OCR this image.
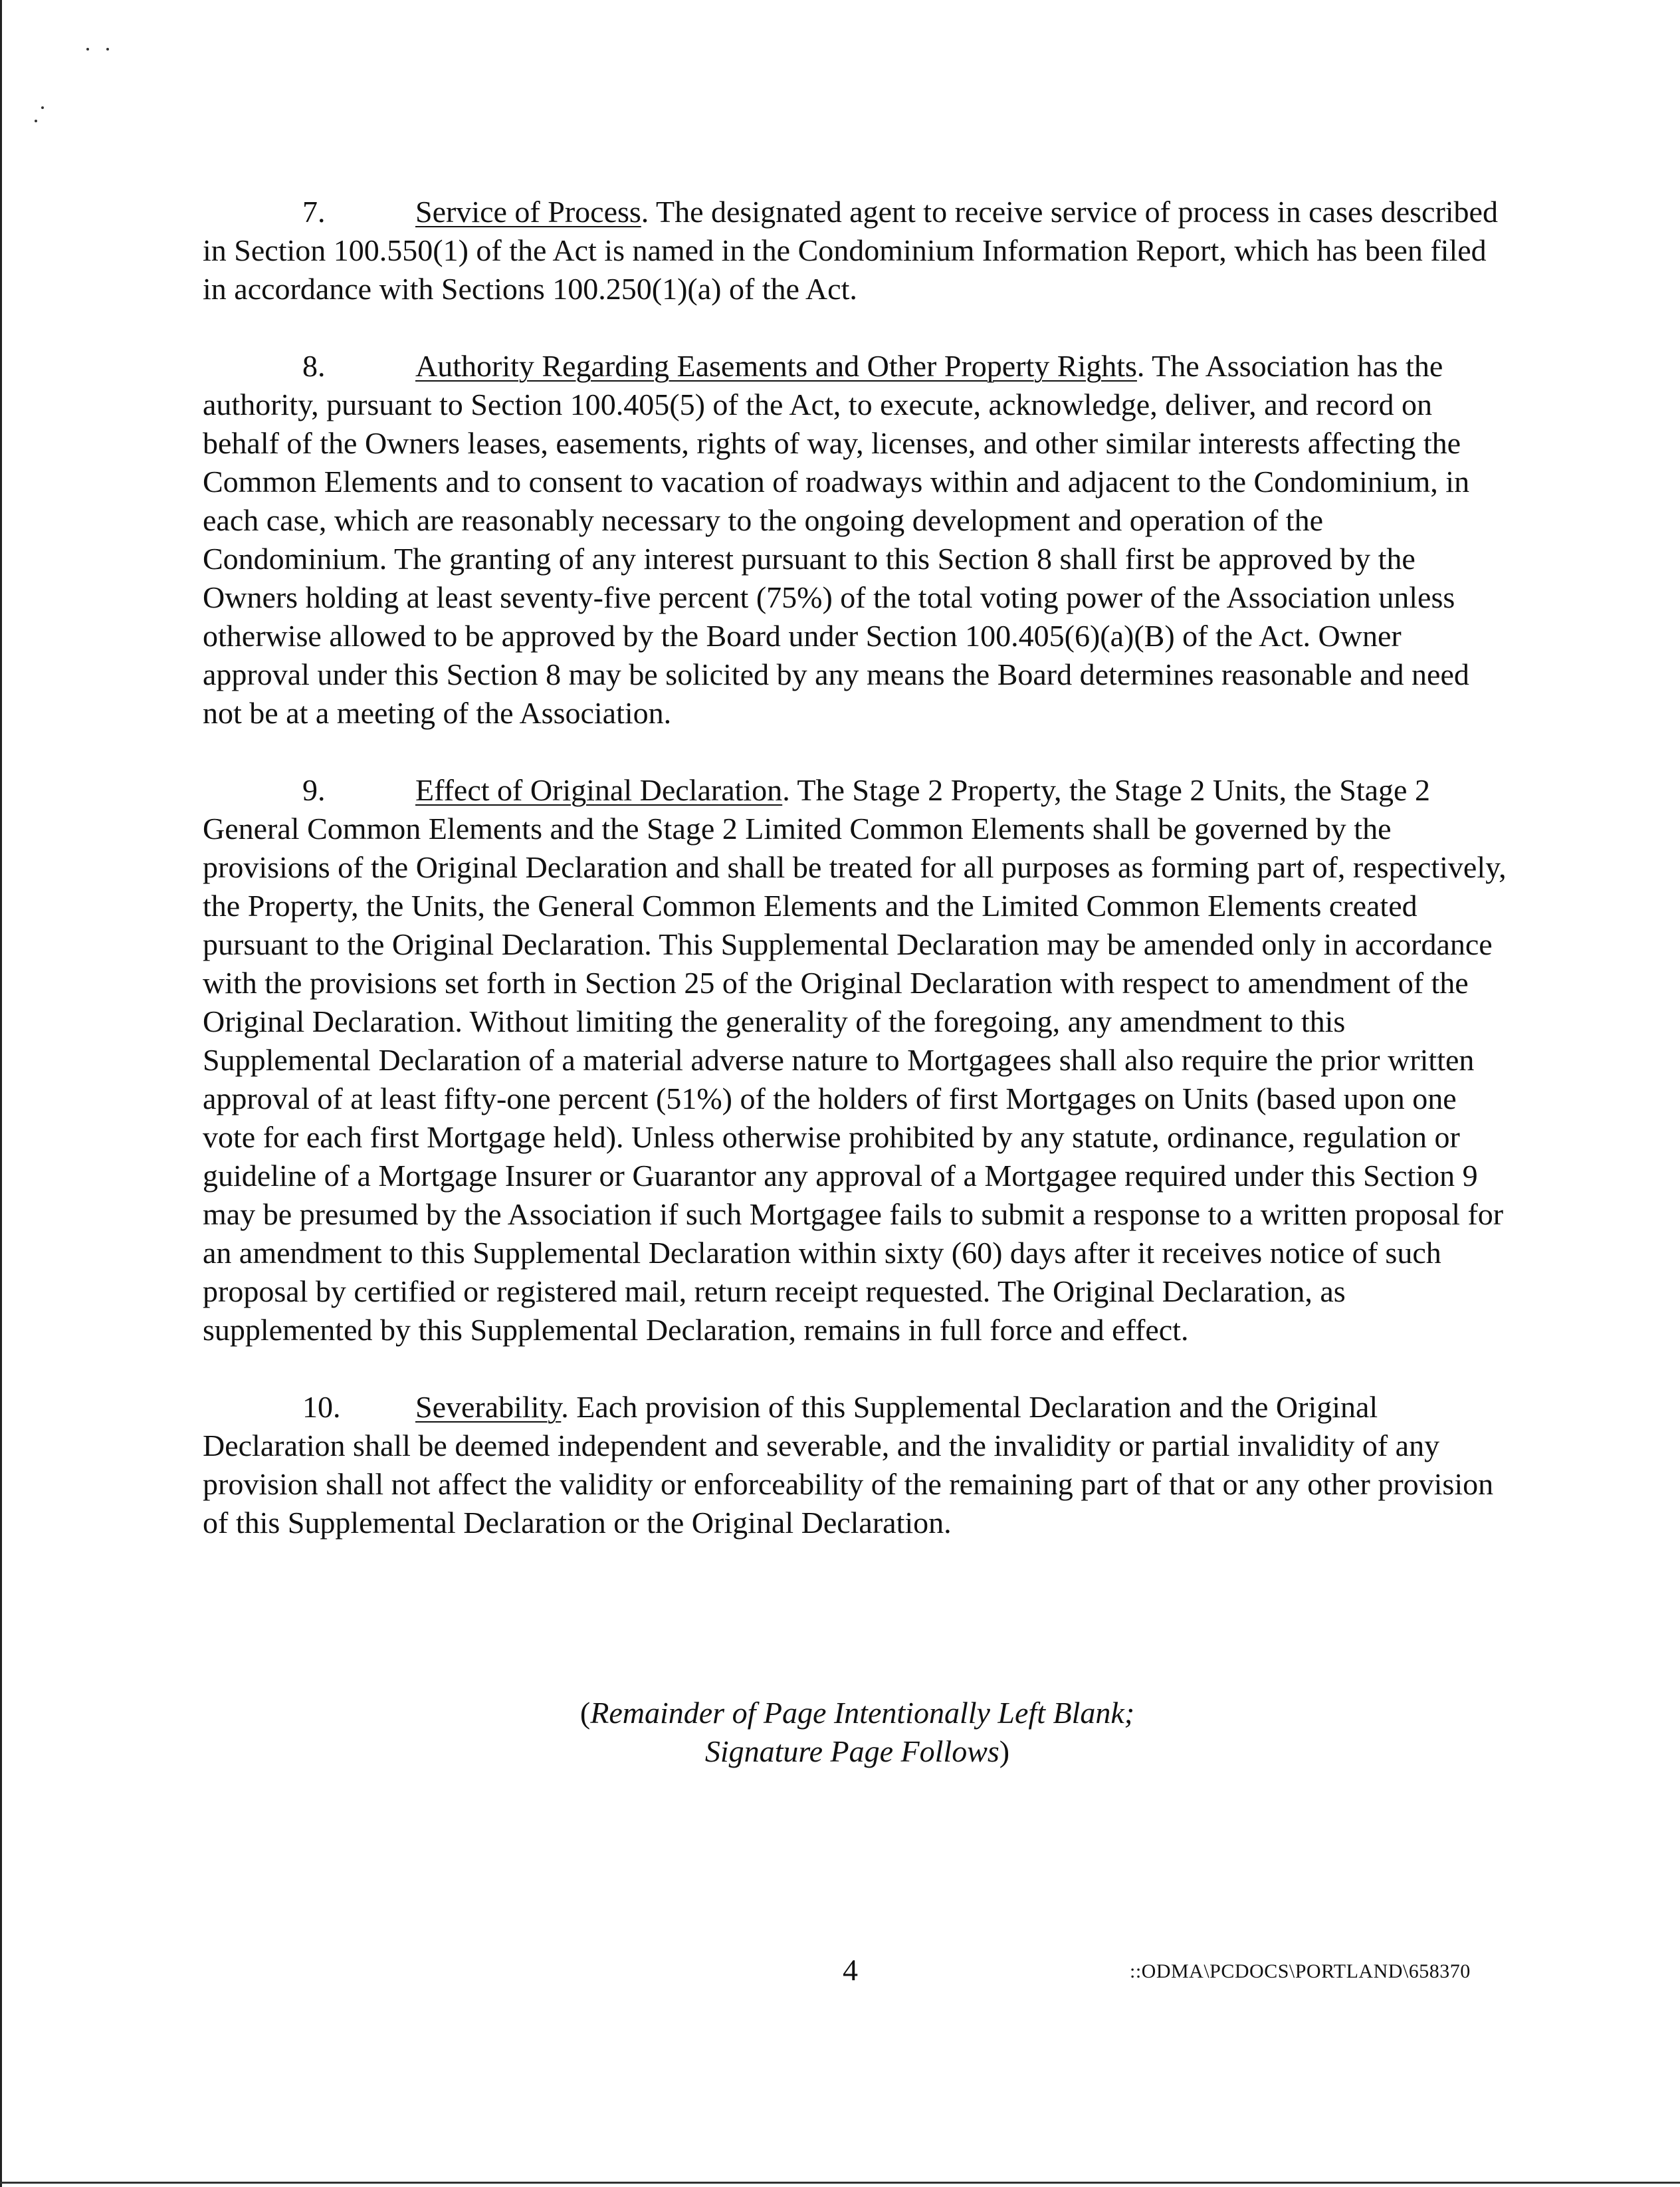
7.	Service of Process. The designated agent to receive service of process in cases described in Section 100.550(1) of the Act is named in the Condominium Information Report, which has been filed in accordance with Sections 100.250(1)(a) of the Act.

8.	Authority Regarding Easements and Other Property Rights. The Association has the authority, pursuant to Section 100.405(5) of the Act, to execute, acknowledge, deliver, and record on behalf of the Owners leases, easements, rights of way, licenses, and other similar interests affecting the Common Elements and to consent to vacation of roadways within and adjacent to the Condominium, in each case, which are reasonably necessary to the ongoing development and operation of the Condominium. The granting of any interest pursuant to this Section 8 shall first be approved by the Owners holding at least seventy-five percent (75%) of the total voting power of the Association unless otherwise allowed to be approved by the Board under Section 100.405(6)(a)(B) of the Act. Owner approval under this Section 8 may be solicited by any means the Board determines reasonable and need not be at a meeting of the Association.

9.	Effect of Original Declaration. The Stage 2 Property, the Stage 2 Units, the Stage 2 General Common Elements and the Stage 2 Limited Common Elements shall be governed by the provisions of the Original Declaration and shall be treated for all purposes as forming part of, respectively, the Property, the Units, the General Common Elements and the Limited Common Elements created pursuant to the Original Declaration. This Supplemental Declaration may be amended only in accordance with the provisions set forth in Section 25 of the Original Declaration with respect to amendment of the Original Declaration. Without limiting the generality of the foregoing, any amendment to this Supplemental Declaration of a material adverse nature to Mortgagees shall also require the prior written approval of at least fifty-one percent (51%) of the holders of first Mortgages on Units (based upon one vote for each first Mortgage held). Unless otherwise prohibited by any statute, ordinance, regulation or guideline of a Mortgage Insurer or Guarantor any approval of a Mortgagee required under this Section 9 may be presumed by the Association if such Mortgagee fails to submit a response to a written proposal for an amendment to this Supplemental Declaration within sixty (60) days after it receives notice of such proposal by certified or registered mail, return receipt requested. The Original Declaration, as supplemented by this Supplemental Declaration, remains in full force and effect.

10. Severability. Each provision of this Supplemental Declaration and the Original Declaration shall be deemed independent and severable, and the invalidity or partial invalidity of any provision shall not affect the validity or enforceability of the remaining part of that or any other provision of this Supplemental Declaration or the Original Declaration.

(Remainder of Page Intentionally Left Blank;
Signature Page Follows)
4	::ODMA\PCDOCS\PORTLAND\658370
